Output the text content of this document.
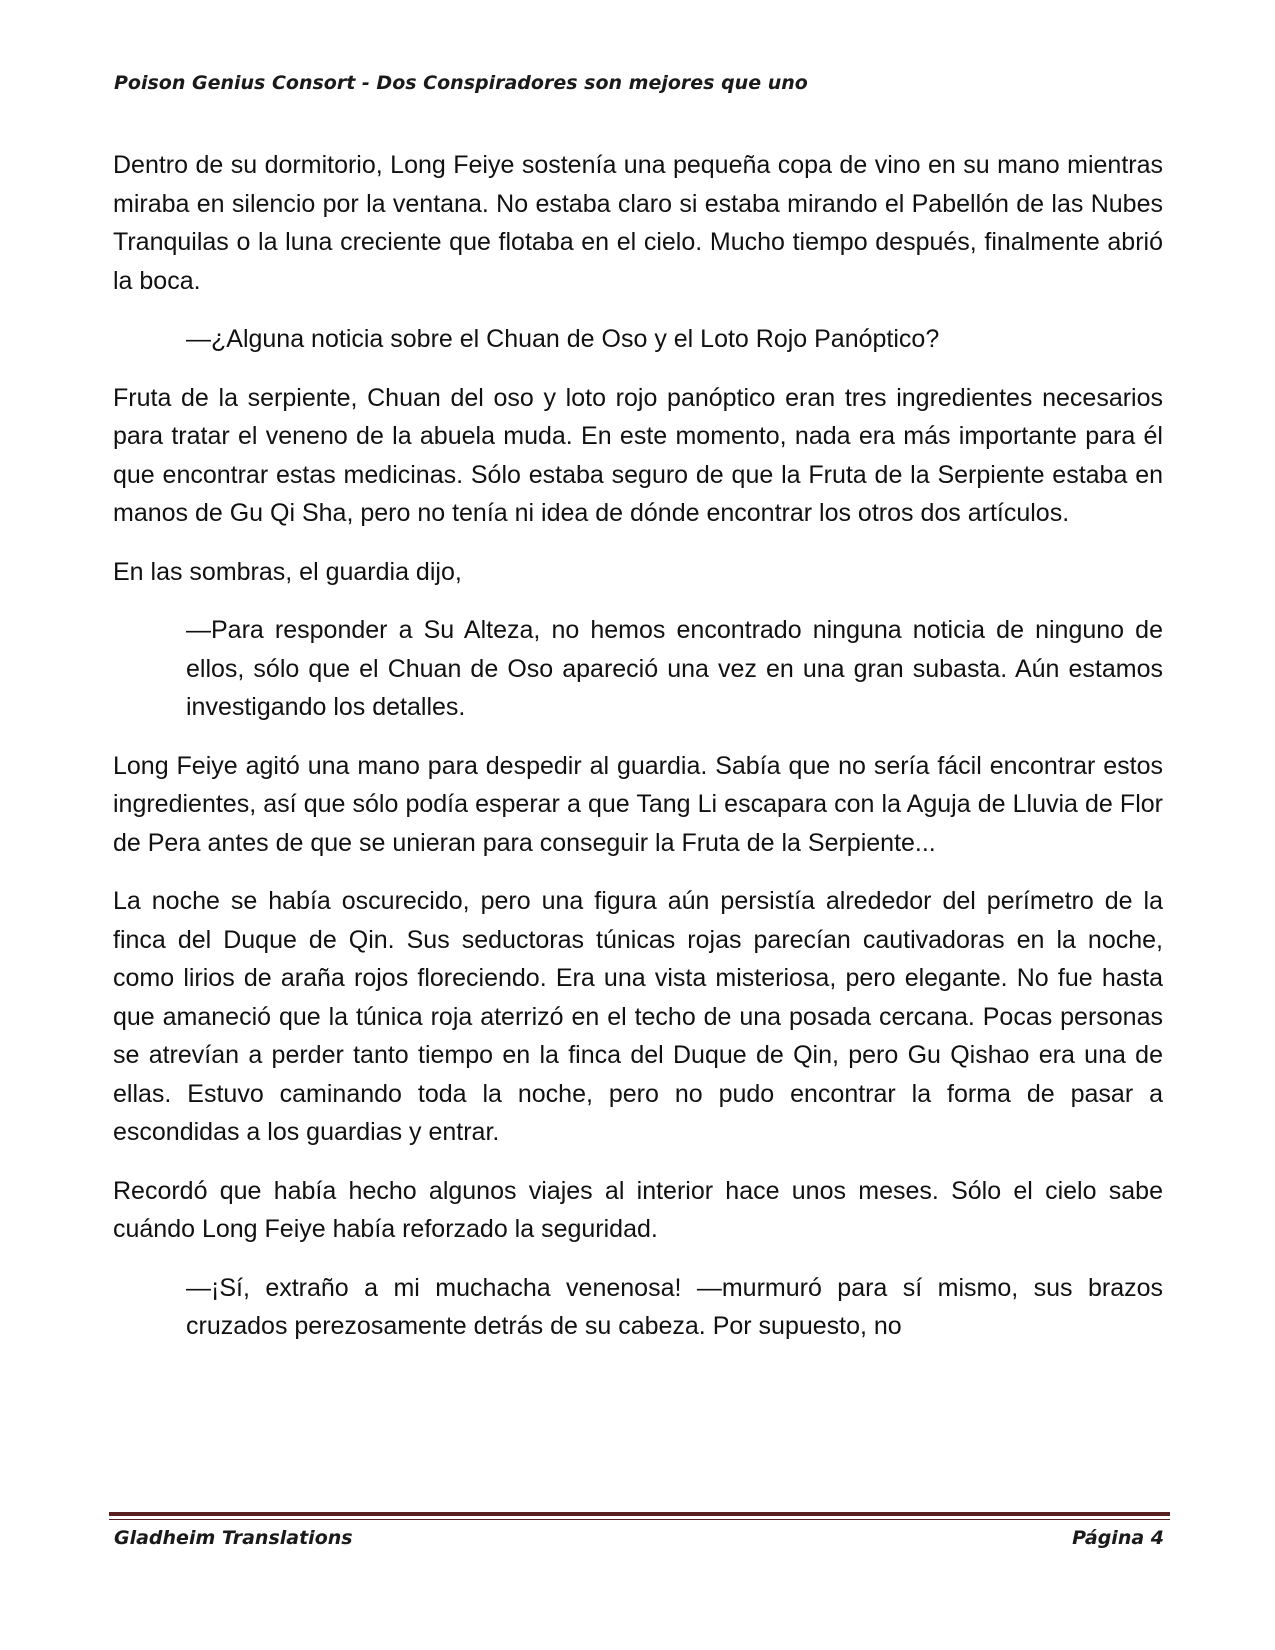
Poison Genius Consort - Dos Conspiradores son mejores que uno

Dentro de su dormitorio, Long Feiye sostenía una pequeña copa de vino en su mano mientras miraba en silencio por la ventana. No estaba claro si estaba mirando el Pabellón de las Nubes Tranquilas o la luna creciente que flotaba en el cielo. Mucho tiempo después, finalmente abrió la boca.

—¿Alguna noticia sobre el Chuan de Oso y el Loto Rojo Panóptico?

Fruta de la serpiente, Chuan del oso y loto rojo panóptico eran tres ingredientes necesarios para tratar el veneno de la abuela muda. En este momento, nada era más importante para él que encontrar estas medicinas. Sólo estaba seguro de que la Fruta de la Serpiente estaba en manos de Gu Qi Sha, pero no tenía ni idea de dónde encontrar los otros dos artículos.

En las sombras, el guardia dijo,

—Para responder a Su Alteza, no hemos encontrado ninguna noticia de ninguno de ellos, sólo que el Chuan de Oso apareció una vez en una gran subasta. Aún estamos investigando los detalles.

Long Feiye agitó una mano para despedir al guardia. Sabía que no sería fácil encontrar estos ingredientes, así que sólo podía esperar a que Tang Li escapara con la Aguja de Lluvia de Flor de Pera antes de que se unieran para conseguir la Fruta de la Serpiente...

La noche se había oscurecido, pero una figura aún persistía alrededor del perímetro de la finca del Duque de Qin. Sus seductoras túnicas rojas parecían cautivadoras en la noche, como lirios de araña rojos floreciendo. Era una vista misteriosa, pero elegante. No fue hasta que amaneció que la túnica roja aterrizó en el techo de una posada cercana. Pocas personas se atrevían a perder tanto tiempo en la finca del Duque de Qin, pero Gu Qishao era una de ellas. Estuvo caminando toda la noche, pero no pudo encontrar la forma de pasar a escondidas a los guardias y entrar.

Recordó que había hecho algunos viajes al interior hace unos meses. Sólo el cielo sabe cuándo Long Feiye había reforzado la seguridad.

—¡Sí, extraño a mi muchacha venenosa! —murmuró para sí mismo, sus brazos cruzados perezosamente detrás de su cabeza. Por supuesto, no

Gladheim Translations	Página 4
